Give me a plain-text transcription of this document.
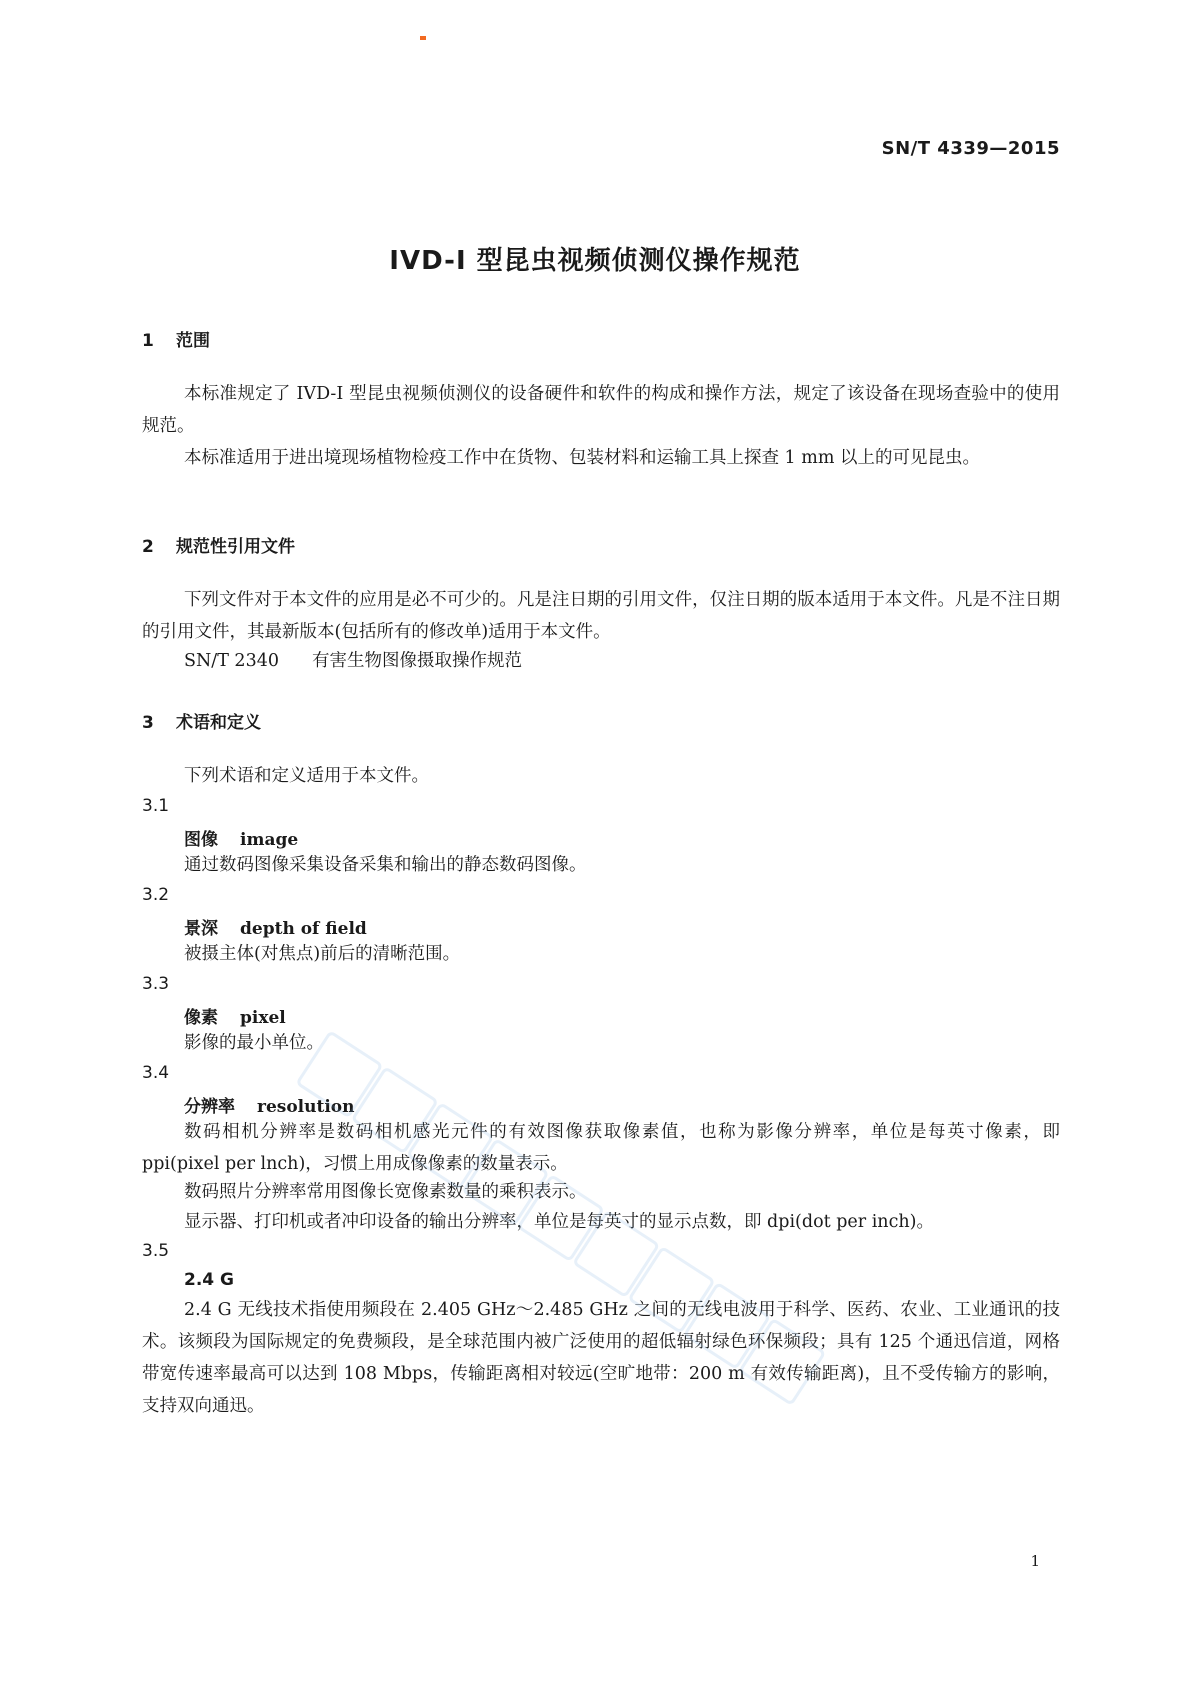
SN/T 4339—2015
IVD-I 型昆虫视频侦测仪操作规范
1 范围
本标准规定了 IVD-I 型昆虫视频侦测仪的设备硬件和软件的构成和操作方法，规定了该设备在现场查验中的使用规范。
本标准适用于进出境现场植物检疫工作中在货物、包装材料和运输工具上探查 1 mm 以上的可见昆虫。
2 规范性引用文件
下列文件对于本文件的应用是必不可少的。凡是注日期的引用文件，仅注日期的版本适用于本文件。凡是不注日期的引用文件，其最新版本(包括所有的修改单)适用于本文件。
SN/T 2340 有害生物图像摄取操作规范
3 术语和定义
下列术语和定义适用于本文件。
3.1
图像 image
通过数码图像采集设备采集和输出的静态数码图像。
3.2
景深 depth of field
被摄主体(对焦点)前后的清晰范围。
3.3
像素 pixel
影像的最小单位。
3.4
分辨率 resolution
数码相机分辨率是数码相机感光元件的有效图像获取像素值，也称为影像分辨率，单位是每英寸像素，即 ppi(pixel per lnch)，习惯上用成像像素的数量表示。
数码照片分辨率常用图像长宽像素数量的乘积表示。
显示器、打印机或者冲印设备的输出分辨率，单位是每英寸的显示点数，即 dpi(dot per inch)。
3.5
2.4 G
2.4 G 无线技术指使用频段在 2.405 GHz～2.485 GHz 之间的无线电波用于科学、医药、农业、工业通讯的技术。该频段为国际规定的免费频段，是全球范围内被广泛使用的超低辐射绿色环保频段；具有 125 个通迅信道，网格带宽传速率最高可以达到 108 Mbps，传输距离相对较远(空旷地带：200 m 有效传输距离)，且不受传输方的影响，支持双向通迅。
1
